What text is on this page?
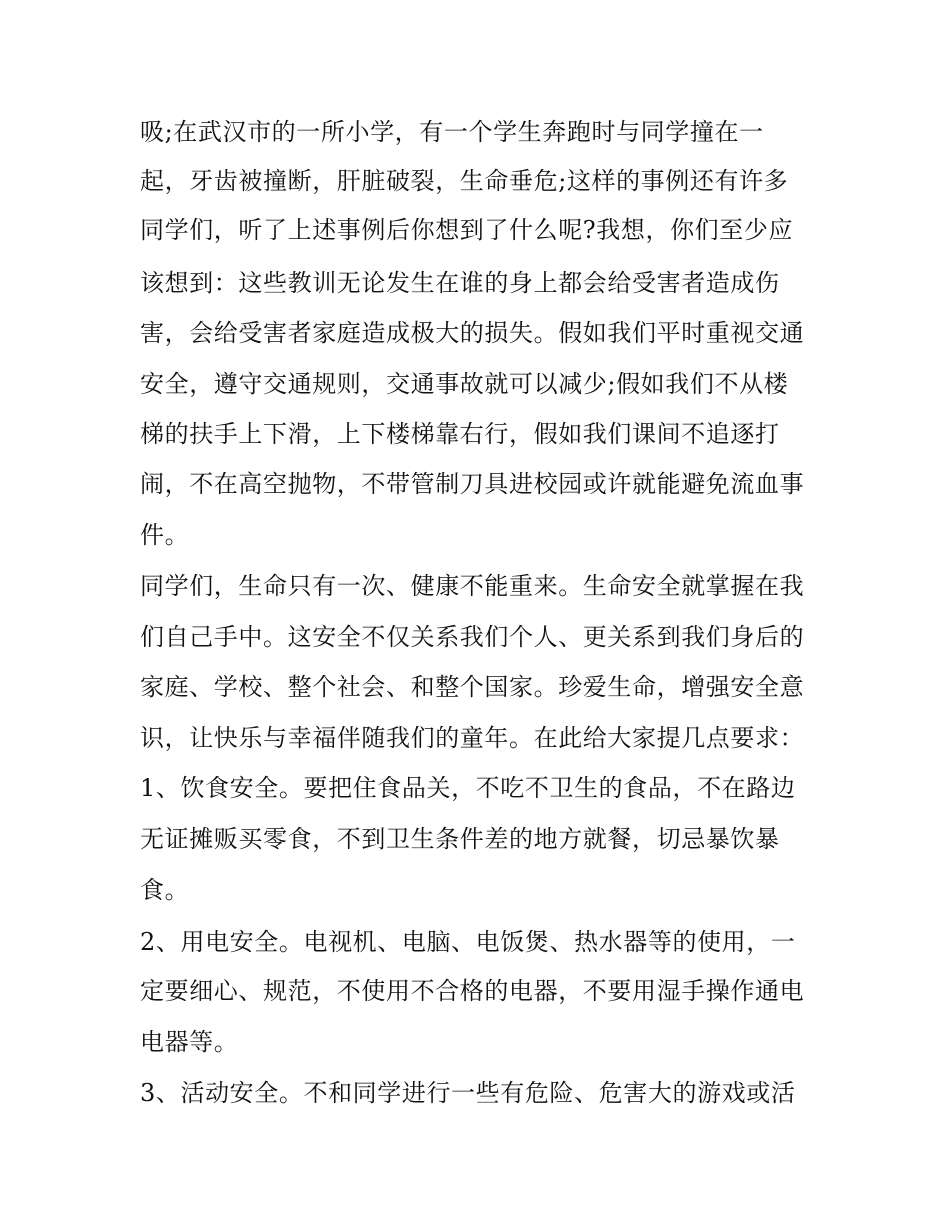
吸;在武汉市的一所小学，有一个学生奔跑时与同学撞在一

起，牙齿被撞断，肝脏破裂，生命垂危;这样的事例还有许多

同学们，听了上述事例后你想到了什么呢?我想，你们至少应

该想到：这些教训无论发生在谁的身上都会给受害者造成伤

害，会给受害者家庭造成极大的损失。假如我们平时重视交通

安全，遵守交通规则，交通事故就可以减少;假如我们不从楼

梯的扶手上下滑，上下楼梯靠右行，假如我们课间不追逐打

闹，不在高空抛物，不带管制刀具进校园或许就能避免流血事

件。

同学们，生命只有一次、健康不能重来。生命安全就掌握在我

们自己手中。这安全不仅关系我们个人、更关系到我们身后的

家庭、学校、整个社会、和整个国家。珍爱生命，增强安全意

识，让快乐与幸福伴随我们的童年。在此给大家提几点要求：

1、饮食安全。要把住食品关，不吃不卫生的食品，不在路边

无证摊贩买零食，不到卫生条件差的地方就餐，切忌暴饮暴

食。

2、用电安全。电视机、电脑、电饭煲、热水器等的使用，一

定要细心、规范，不使用不合格的电器，不要用湿手操作通电

电器等。

3、活动安全。不和同学进行一些有危险、危害大的游戏或活
